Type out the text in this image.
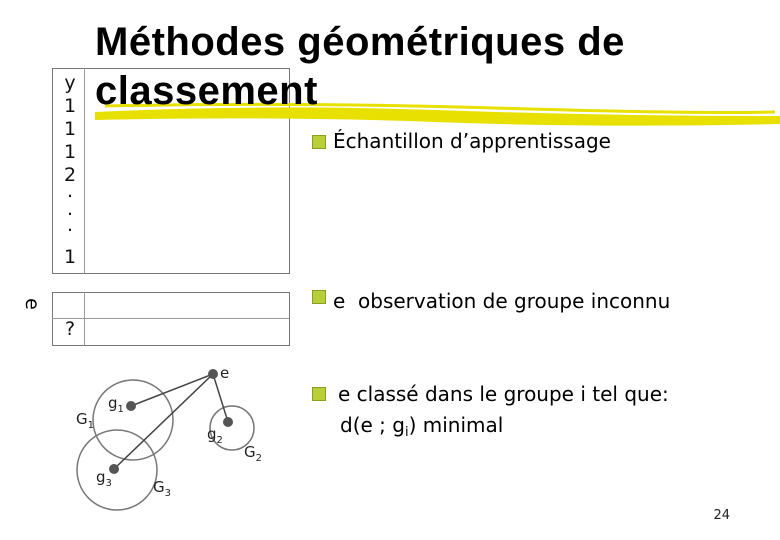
Méthodes géométriques de
classement
y
1
1
1
2
.
.
.
1
?
e
Échantillon d’apprentissage
e  observation de groupe inconnu
e classé dans le groupe i tel que:
d(e ; $g_i$) minimal
e
$g_1$
$G_1$	$g_2$
$G_2$
$g_3$	$G_3$
24
